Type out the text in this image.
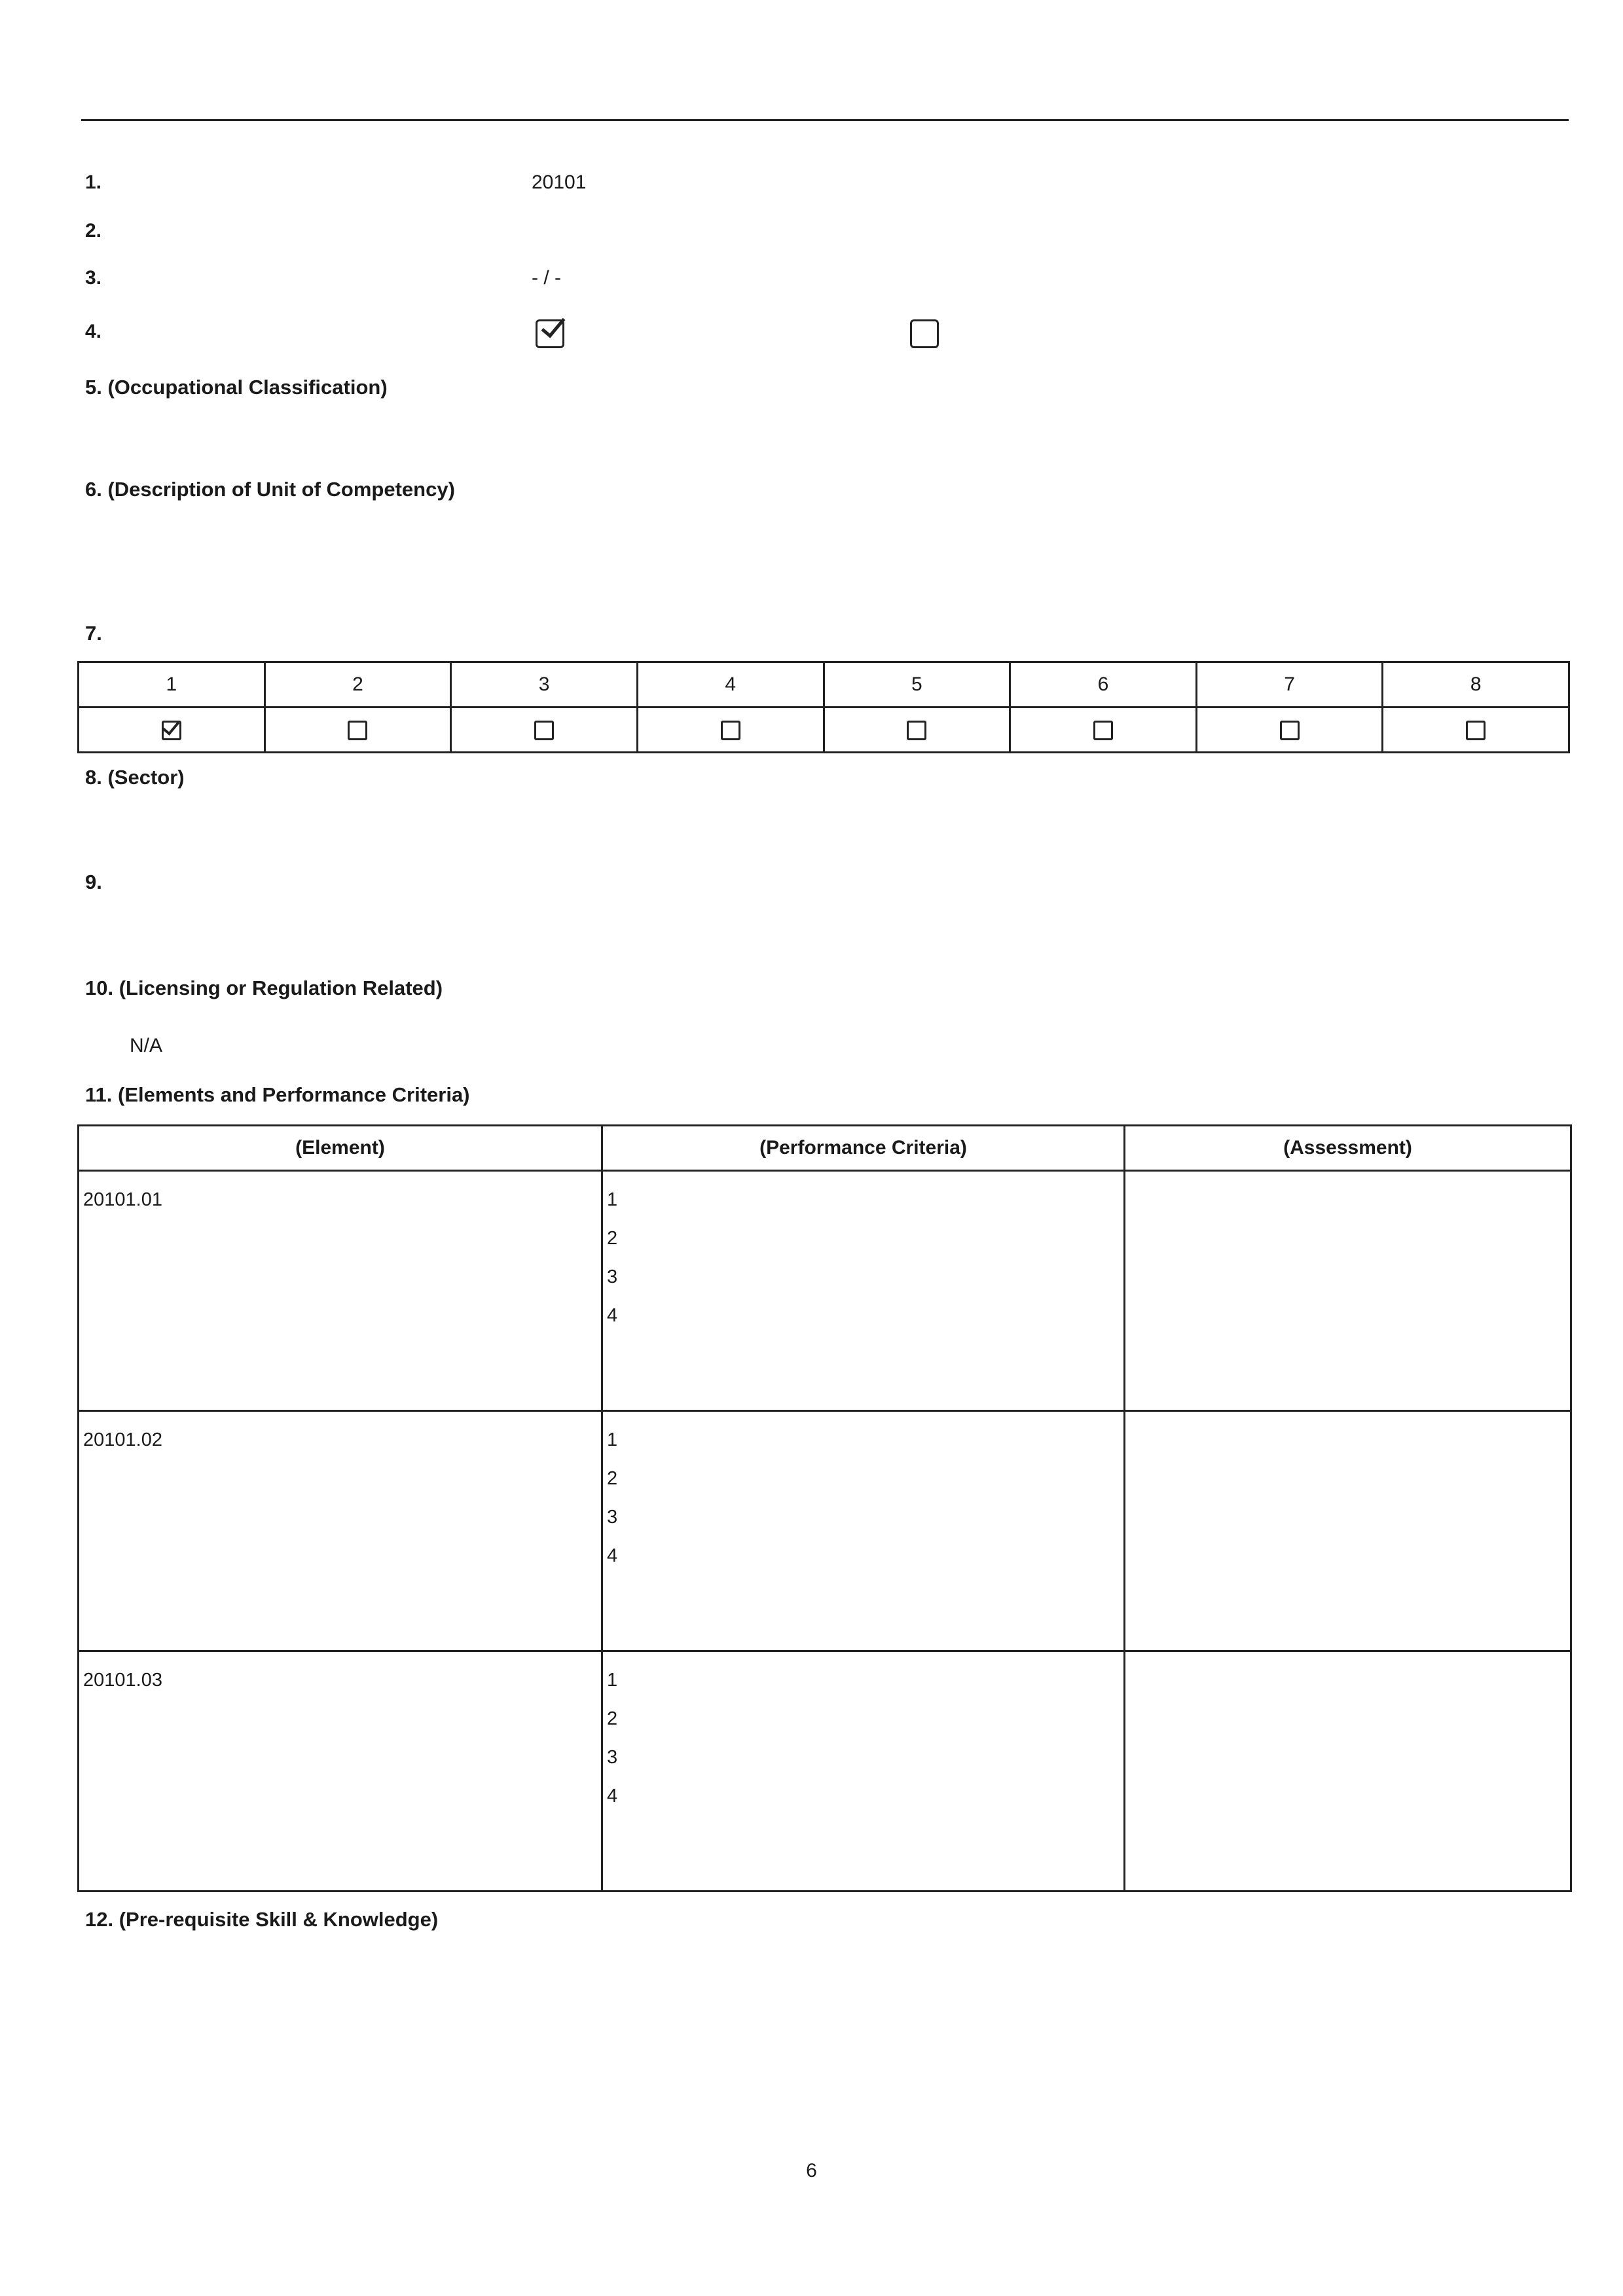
1.	20101
2.
3.	- / -
4.
5. (Occupational Classification)
6. (Description of Unit of Competency)
7.
1	2	3	4	5	6	7	8

8. (Sector)
9.
10. (Licensing or Regulation Related)
N/A
11. (Elements and Performance Criteria)
(Element)	(Performance Criteria)	(Assessment)
20101.01	1
2
3
4	

20101.02	1
2
3
4	

20101.03	1
2
3
4	

12. (Pre-requisite Skill & Knowledge)
6
